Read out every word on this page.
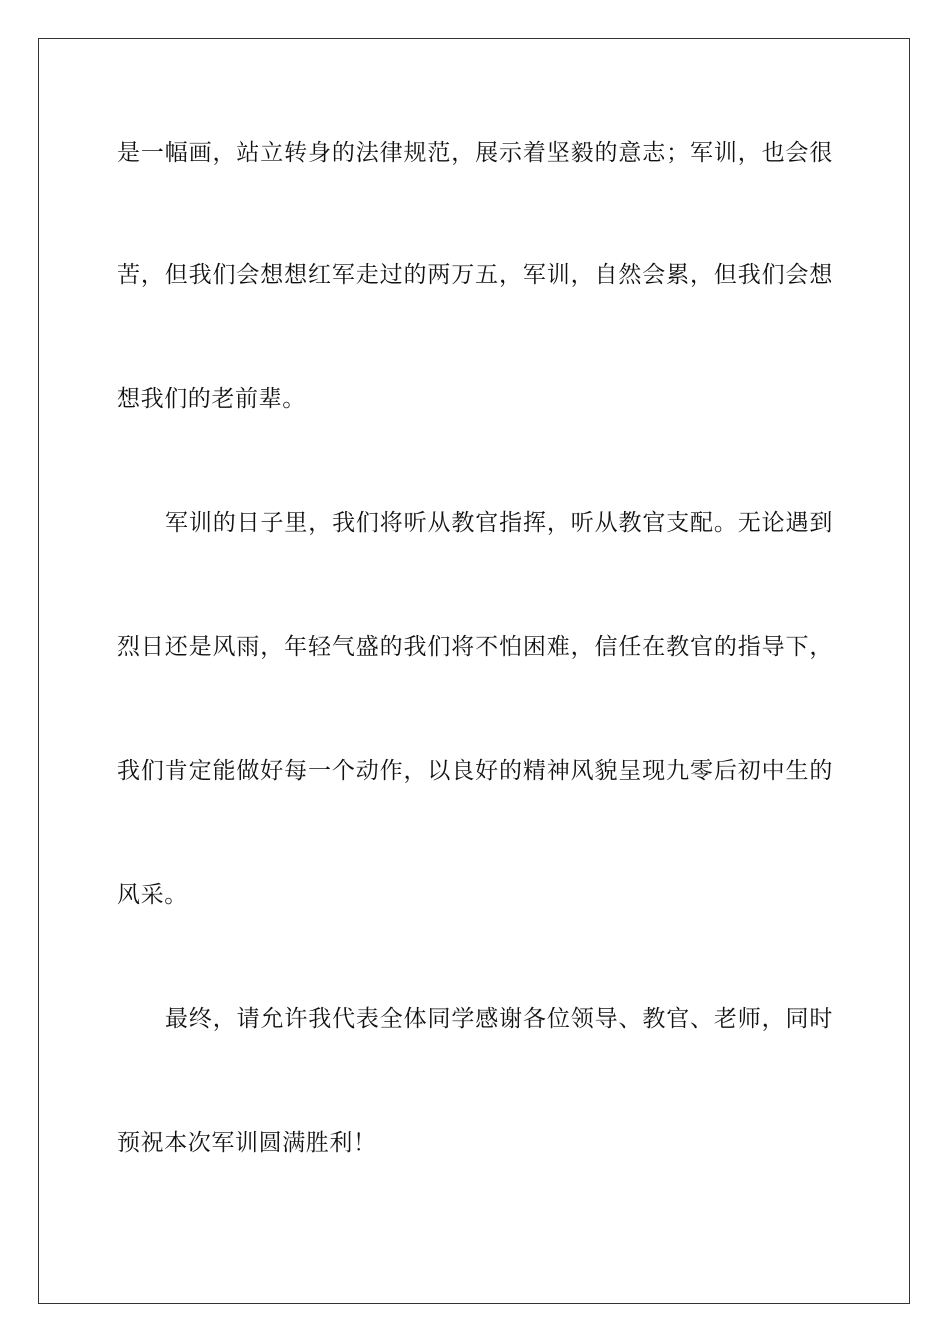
是一幅画，站立转身的法律规范，展示着坚毅的意志；军训，也会很
苦，但我们会想想红军走过的两万五，军训，自然会累，但我们会想
想我们的老前辈。
军训的日子里，我们将听从教官指挥，听从教官支配。无论遇到
烈日还是风雨，年轻气盛的我们将不怕困难，信任在教官的指导下，
我们肯定能做好每一个动作，以良好的精神风貌呈现九零后初中生的
风采。
最终，请允许我代表全体同学感谢各位领导、教官、老师，同时
预祝本次军训圆满胜利！
